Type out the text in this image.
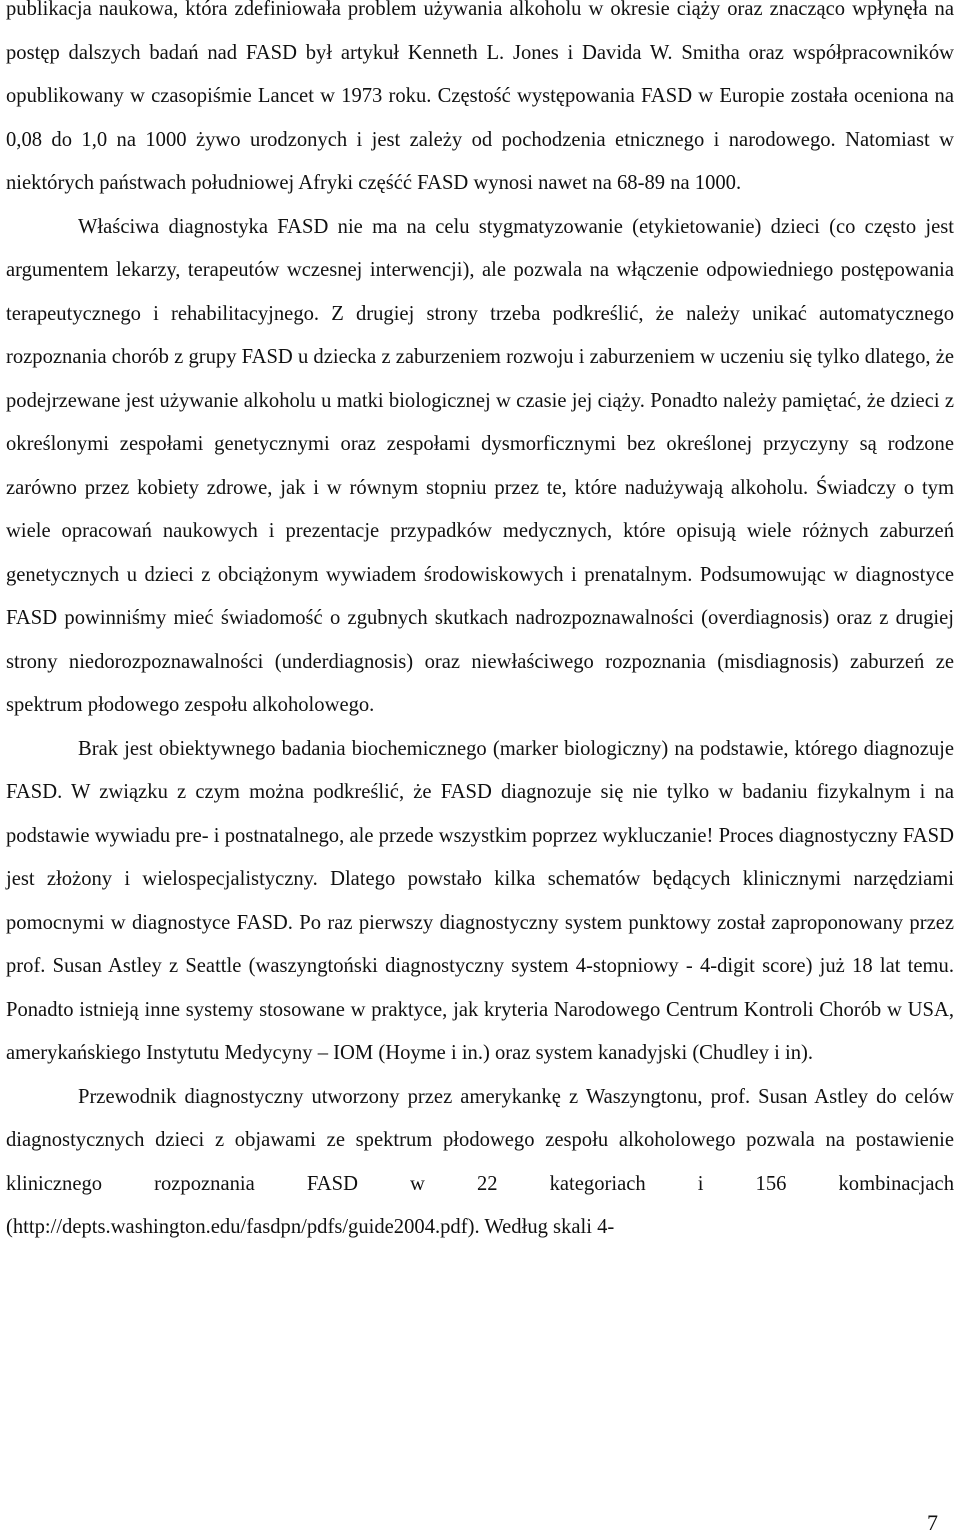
publikacja naukowa, która zdefiniowała problem używania alkoholu w okresie ciąży oraz znacząco wpłynęła na postęp dalszych badań nad FASD był artykuł Kenneth L. Jones i Davida W. Smitha oraz współpracowników opublikowany w czasopiśmie Lancet w 1973 roku. Częstość występowania FASD w Europie została oceniona na 0,08 do 1,0 na 1000 żywo urodzonych i jest zależy od pochodzenia etnicznego i narodowego. Natomiast w niektórych państwach południowej Afryki częśćć FASD wynosi nawet na 68-89 na 1000.

Właściwa diagnostyka FASD nie ma na celu stygmatyzowanie (etykietowanie) dzieci (co często jest argumentem lekarzy, terapeutów wczesnej interwencji), ale pozwala na włączenie odpowiedniego postępowania terapeutycznego i rehabilitacyjnego. Z drugiej strony trzeba podkreślić, że należy unikać automatycznego rozpoznania chorób z grupy FASD u dziecka z zaburzeniem rozwoju i zaburzeniem w uczeniu się tylko dlatego, że podejrzewane jest używanie alkoholu u matki biologicznej w czasie jej ciąży. Ponadto należy pamiętać, że dzieci z określonymi zespołami genetycznymi oraz zespołami dysmorficznymi bez określonej przyczyny są rodzone zarówno przez kobiety zdrowe, jak i w równym stopniu przez te, które nadużywają alkoholu. Świadczy o tym wiele opracowań naukowych i prezentacje przypadków medycznych, które opisują wiele różnych zaburzeń genetycznych u dzieci z obciążonym wywiadem środowiskowych i prenatalnym. Podsumowując w diagnostyce FASD powinniśmy mieć świadomość o zgubnych skutkach nadrozpoznawalności (overdiagnosis) oraz z drugiej strony niedorozpoznawalności (underdiagnosis) oraz niewłaściwego rozpoznania (misdiagnosis) zaburzeń ze spektrum płodowego zespołu alkoholowego.

Brak jest obiektywnego badania biochemicznego (marker biologiczny) na podstawie, którego diagnozuje FASD. W związku z czym można podkreślić, że FASD diagnozuje się nie tylko w badaniu fizykalnym i na podstawie wywiadu pre- i postnatalnego, ale przede wszystkim poprzez wykluczanie! Proces diagnostyczny FASD jest złożony i wielospecjalistyczny. Dlatego powstało kilka schematów będących klinicznymi narzędziami pomocnymi w diagnostyce FASD. Po raz pierwszy diagnostyczny system punktowy został zaproponowany przez prof. Susan Astley z Seattle (waszyngtoński diagnostyczny system 4-stopniowy - 4-digit score) już 18 lat temu. Ponadto istnieją inne systemy stosowane w praktyce, jak kryteria Narodowego Centrum Kontroli Chorób w USA, amerykańskiego Instytutu Medycyny – IOM (Hoyme i in.) oraz system kanadyjski (Chudley i in).

Przewodnik diagnostyczny utworzony przez amerykankę z Waszyngtonu, prof. Susan Astley do celów diagnostycznych dzieci z objawami ze spektrum płodowego zespołu alkoholowego pozwala na postawienie klinicznego rozpoznania FASD w 22 kategoriach i 156 kombinacjach (http://depts.washington.edu/fasdpn/pdfs/guide2004.pdf). Według skali 4-

7
